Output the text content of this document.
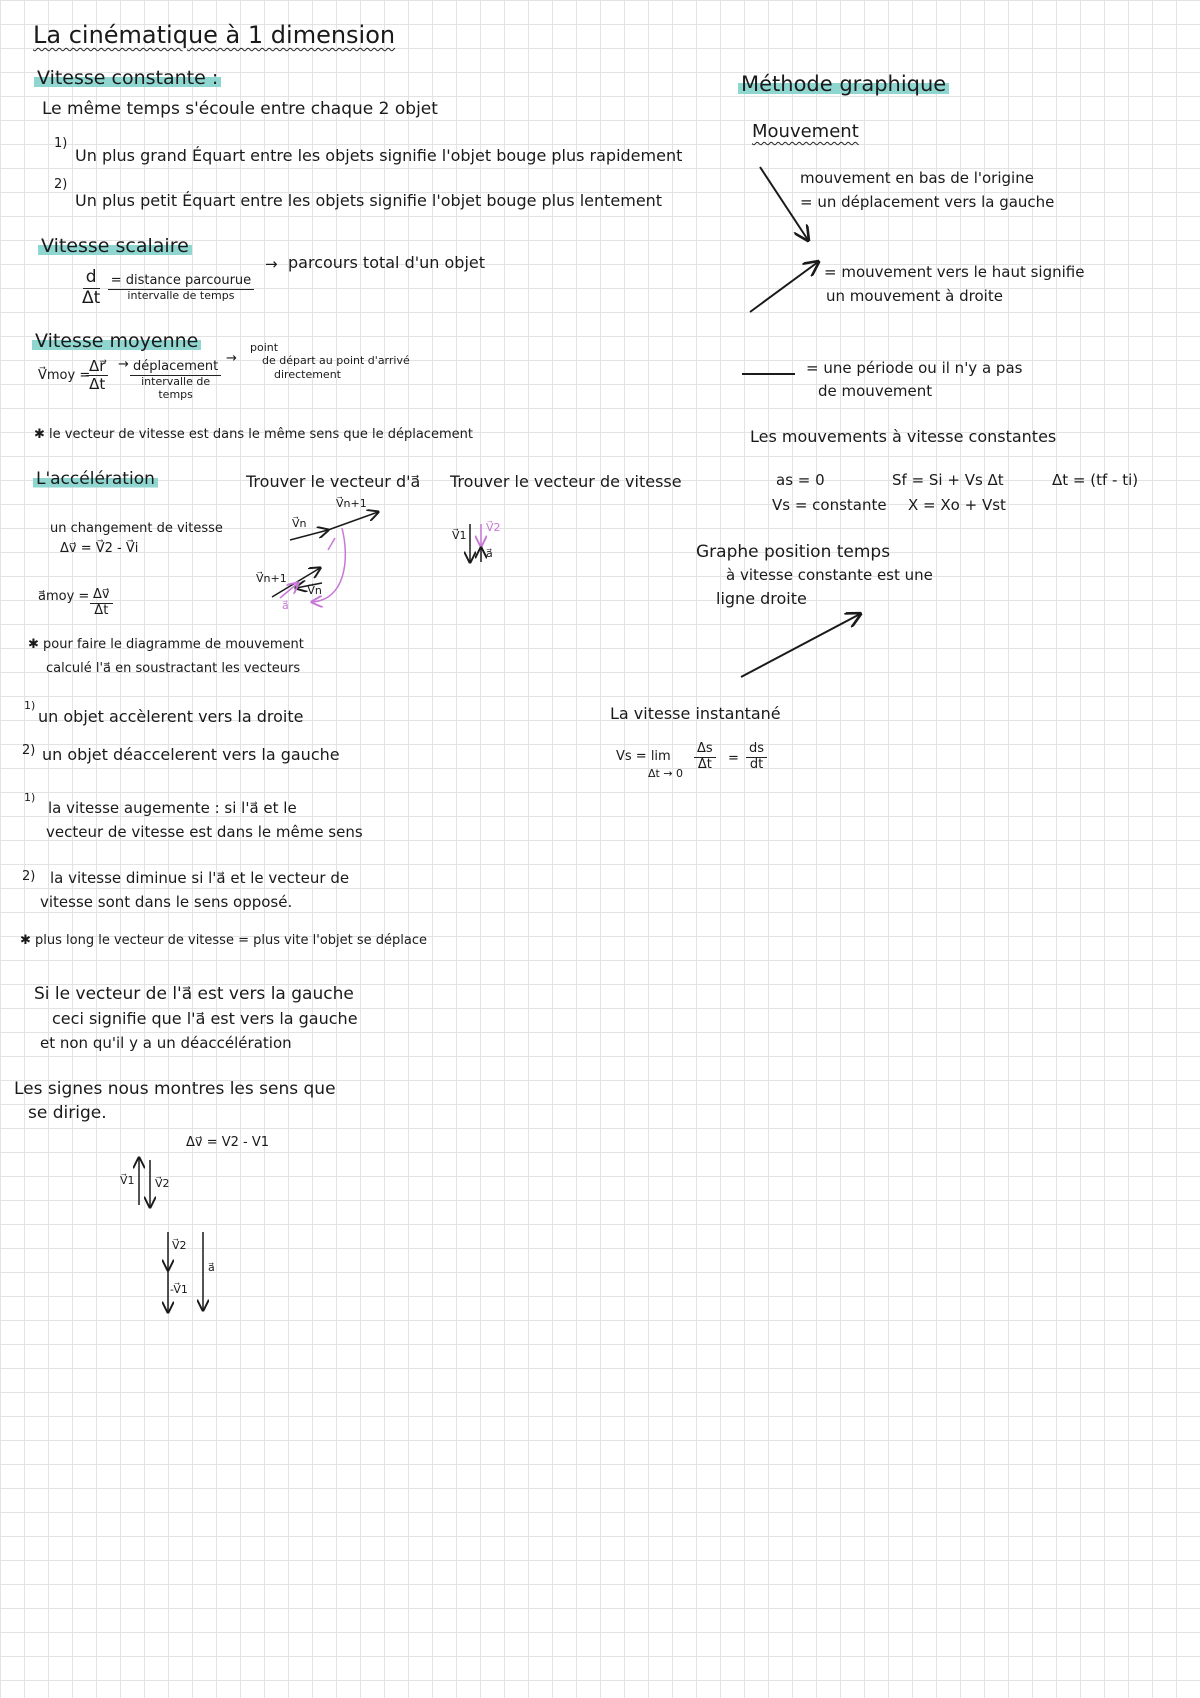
La cinématique à 1 dimension
Vitesse constante :
Le même temps s'écoule entre chaque 2 objet
1)
Un plus grand Équart entre les objets signifie l'objet bouge plus rapidement
2)
Un plus petit Équart entre les objets signifie l'objet bouge plus lentement
Vitesse scalaire
$\frac{d}{\Delta t}$
$\frac{\text{= distance parcourue}}{\text{intervalle de temps}}$
→ parcours total d'un objet
Vitesse moyenne
V⃗moy =
$\frac{\Delta r⃗}{\Delta t}$ → déplacement
intervalle de
temps
→
point
de départ au point d'arrivé
directement
✱ le vecteur de vitesse est dans le même sens que le déplacement
L'accélération
un changement de vitesse
Δv⃗ = V⃗2 - V⃗i
a⃗moy = $\frac{\Delta v⃗}{\Delta t}$
✱ pour faire le diagramme de mouvement
calculé l'a⃗ en soustractant les vecteurs
Trouver le vecteur d'a⃗ Trouver le vecteur de vitesse
V⃗n
V⃗n+1
V⃗n+1
-V⃗n
a⃗
V⃗1
V⃗2
a⃗
1)
un objet accèlerent vers la droite
2) un objet déaccelerent vers la gauche
1)
la vitesse augemente : si l'a⃗ et le
vecteur de vitesse est dans le même sens
2) la vitesse diminue si l'a⃗ et le vecteur de
vitesse sont dans le sens opposé.
✱ plus long le vecteur de vitesse = plus vite l'objet se déplace
Si le vecteur de l'a⃗ est vers la gauche
ceci signifie que l'a⃗ est vers la gauche
et non qu'il y a un déaccélération
Les signes nous montres les sens que
se dirige.
Δv⃗ = V2 - V1
V⃗1 V⃗2
V⃗2
-V⃗1
a⃗
Méthode graphique
Mouvement
mouvement en bas de l'origine
= un déplacement vers la gauche
= mouvement vers le haut signifie
un mouvement à droite
= une période ou il n'y a pas
de mouvement
Les mouvements à vitesse constantes
as = 0
Vs = constante
Sf = Si + Vs Δt
X = Xo + Vst
Δt = (tf - ti)
Graphe position temps
à vitesse constante est une
ligne droite
La vitesse instantané
Vs = lim
Δt → 0
$\frac{\Delta s}{\Delta t} = \frac{ds}{dt}$
